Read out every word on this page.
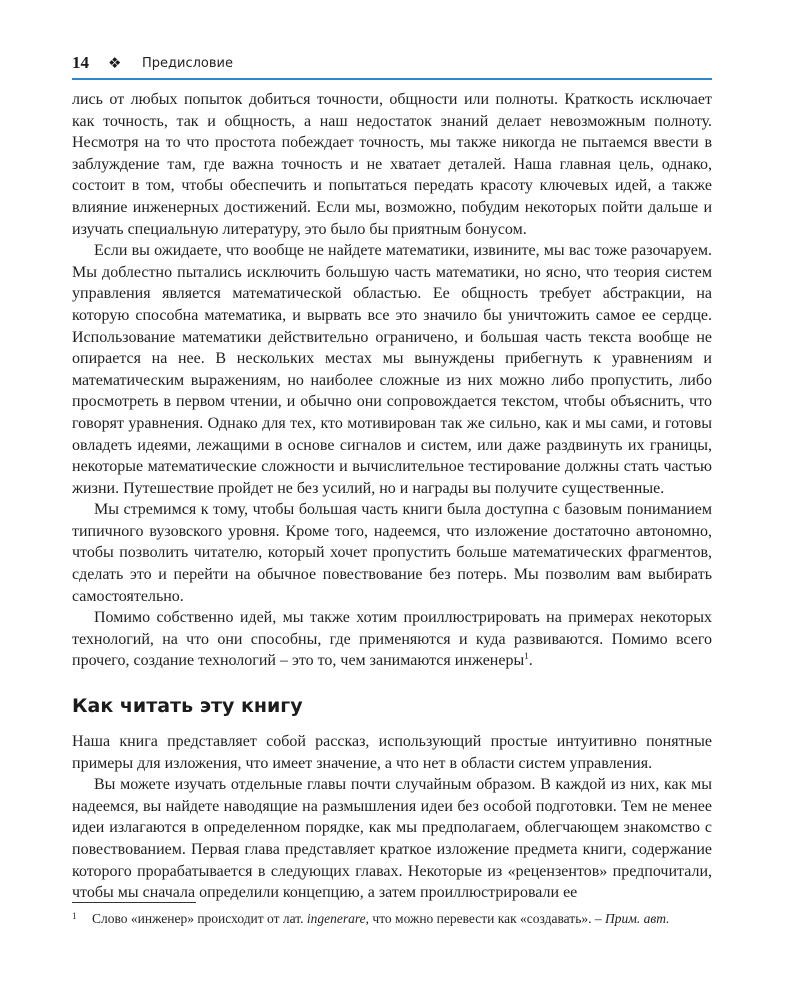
14 ❖ Предисловие

лись от любых попыток добиться точности, общности или полноты. Краткость исключает как точность, так и общность, а наш недостаток знаний делает невозможным полноту. Несмотря на то что простота побеждает точность, мы также никогда не пытаемся ввести в заблуждение там, где важна точность и не хватает деталей. Наша главная цель, однако, состоит в том, чтобы обеспечить и попытаться передать красоту ключевых идей, а также влияние инженерных достижений. Если мы, возможно, побудим некоторых пойти дальше и изучать специальную литературу, это было бы приятным бонусом.

Если вы ожидаете, что вообще не найдете математики, извините, мы вас тоже разочаруем. Мы доблестно пытались исключить большую часть математики, но ясно, что теория систем управления является математической областью. Ее общность требует абстракции, на которую способна математика, и вырвать все это значило бы уничтожить самое ее сердце. Использование математики действительно ограничено, и большая часть текста вообще не опирается на нее. В нескольких местах мы вынуждены прибегнуть к уравнениям и математическим выражениям, но наиболее сложные из них можно либо пропустить, либо просмотреть в первом чтении, и обычно они сопровождается текстом, чтобы объяснить, что говорят уравнения. Однако для тех, кто мотивирован так же сильно, как и мы сами, и готовы овладеть идеями, лежащими в основе сигналов и систем, или даже раздвинуть их границы, некоторые математические сложности и вычислительное тестирование должны стать частью жизни. Путешествие пройдет не без усилий, но и награды вы получите существенные.

Мы стремимся к тому, чтобы большая часть книги была доступна с базовым пониманием типичного вузовского уровня. Кроме того, надеемся, что изложение достаточно автономно, чтобы позволить читателю, который хочет пропустить больше математических фрагментов, сделать это и перейти на обычное повествование без потерь. Мы позволим вам выбирать самостоятельно.

Помимо собственно идей, мы также хотим проиллюстрировать на примерах некоторых технологий, на что они способны, где применяются и куда развиваются. Помимо всего прочего, создание технологий – это то, чем занимаются инженеры$^1$.

Как читать эту книгу

Наша книга представляет собой рассказ, использующий простые интуитивно понятные примеры для изложения, что имеет значение, а что нет в области систем управления.

Вы можете изучать отдельные главы почти случайным образом. В каждой из них, как мы надеемся, вы найдете наводящие на размышления идеи без особой подготовки. Тем не менее идеи излагаются в определенном порядке, как мы предполагаем, облегчающем знакомство с повествованием. Первая глава представляет краткое изложение предмета книги, содержание которого прорабатывается в следующих главах. Некоторые из «рецензентов» предпочитали, чтобы мы сначала определили концепцию, а затем проиллюстрировали ее

1 Слово «инженер» происходит от лат. ingenerare, что можно перевести как «создавать». – Прим. авт.
